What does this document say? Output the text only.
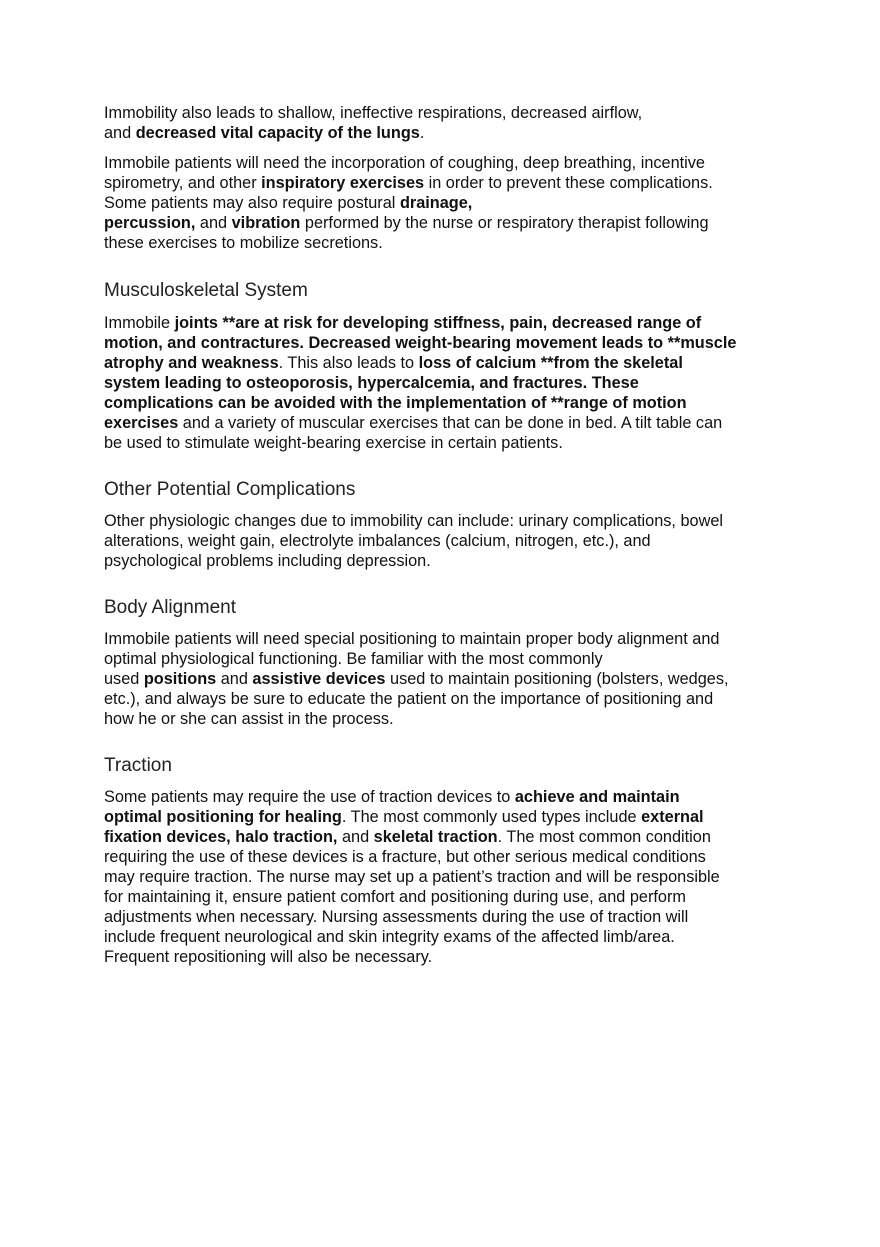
Immobility also leads to shallow, ineffective respirations, decreased airflow,
and decreased vital capacity of the lungs.
Immobile patients will need the incorporation of coughing, deep breathing, incentive
spirometry, and other inspiratory exercises in order to prevent these complications.
Some patients may also require postural drainage,
percussion, and vibration performed by the nurse or respiratory therapist following
these exercises to mobilize secretions.
Musculoskeletal System
Immobile joints **are at risk for developing stiffness, pain, decreased range of
motion, and contractures. Decreased weight-bearing movement leads to **muscle
atrophy and weakness. This also leads to loss of calcium **from the skeletal
system leading to osteoporosis, hypercalcemia, and fractures. These
complications can be avoided with the implementation of **range of motion
exercises and a variety of muscular exercises that can be done in bed. A tilt table can
be used to stimulate weight-bearing exercise in certain patients.
Other Potential Complications
Other physiologic changes due to immobility can include: urinary complications, bowel
alterations, weight gain, electrolyte imbalances (calcium, nitrogen, etc.), and
psychological problems including depression.
Body Alignment
Immobile patients will need special positioning to maintain proper body alignment and
optimal physiological functioning. Be familiar with the most commonly
used positions and assistive devices used to maintain positioning (bolsters, wedges,
etc.), and always be sure to educate the patient on the importance of positioning and
how he or she can assist in the process.
Traction
Some patients may require the use of traction devices to achieve and maintain
optimal positioning for healing. The most commonly used types include external
fixation devices, halo traction, and skeletal traction. The most common condition
requiring the use of these devices is a fracture, but other serious medical conditions
may require traction. The nurse may set up a patient’s traction and will be responsible
for maintaining it, ensure patient comfort and positioning during use, and perform
adjustments when necessary. Nursing assessments during the use of traction will
include frequent neurological and skin integrity exams of the affected limb/area.
Frequent repositioning will also be necessary.
